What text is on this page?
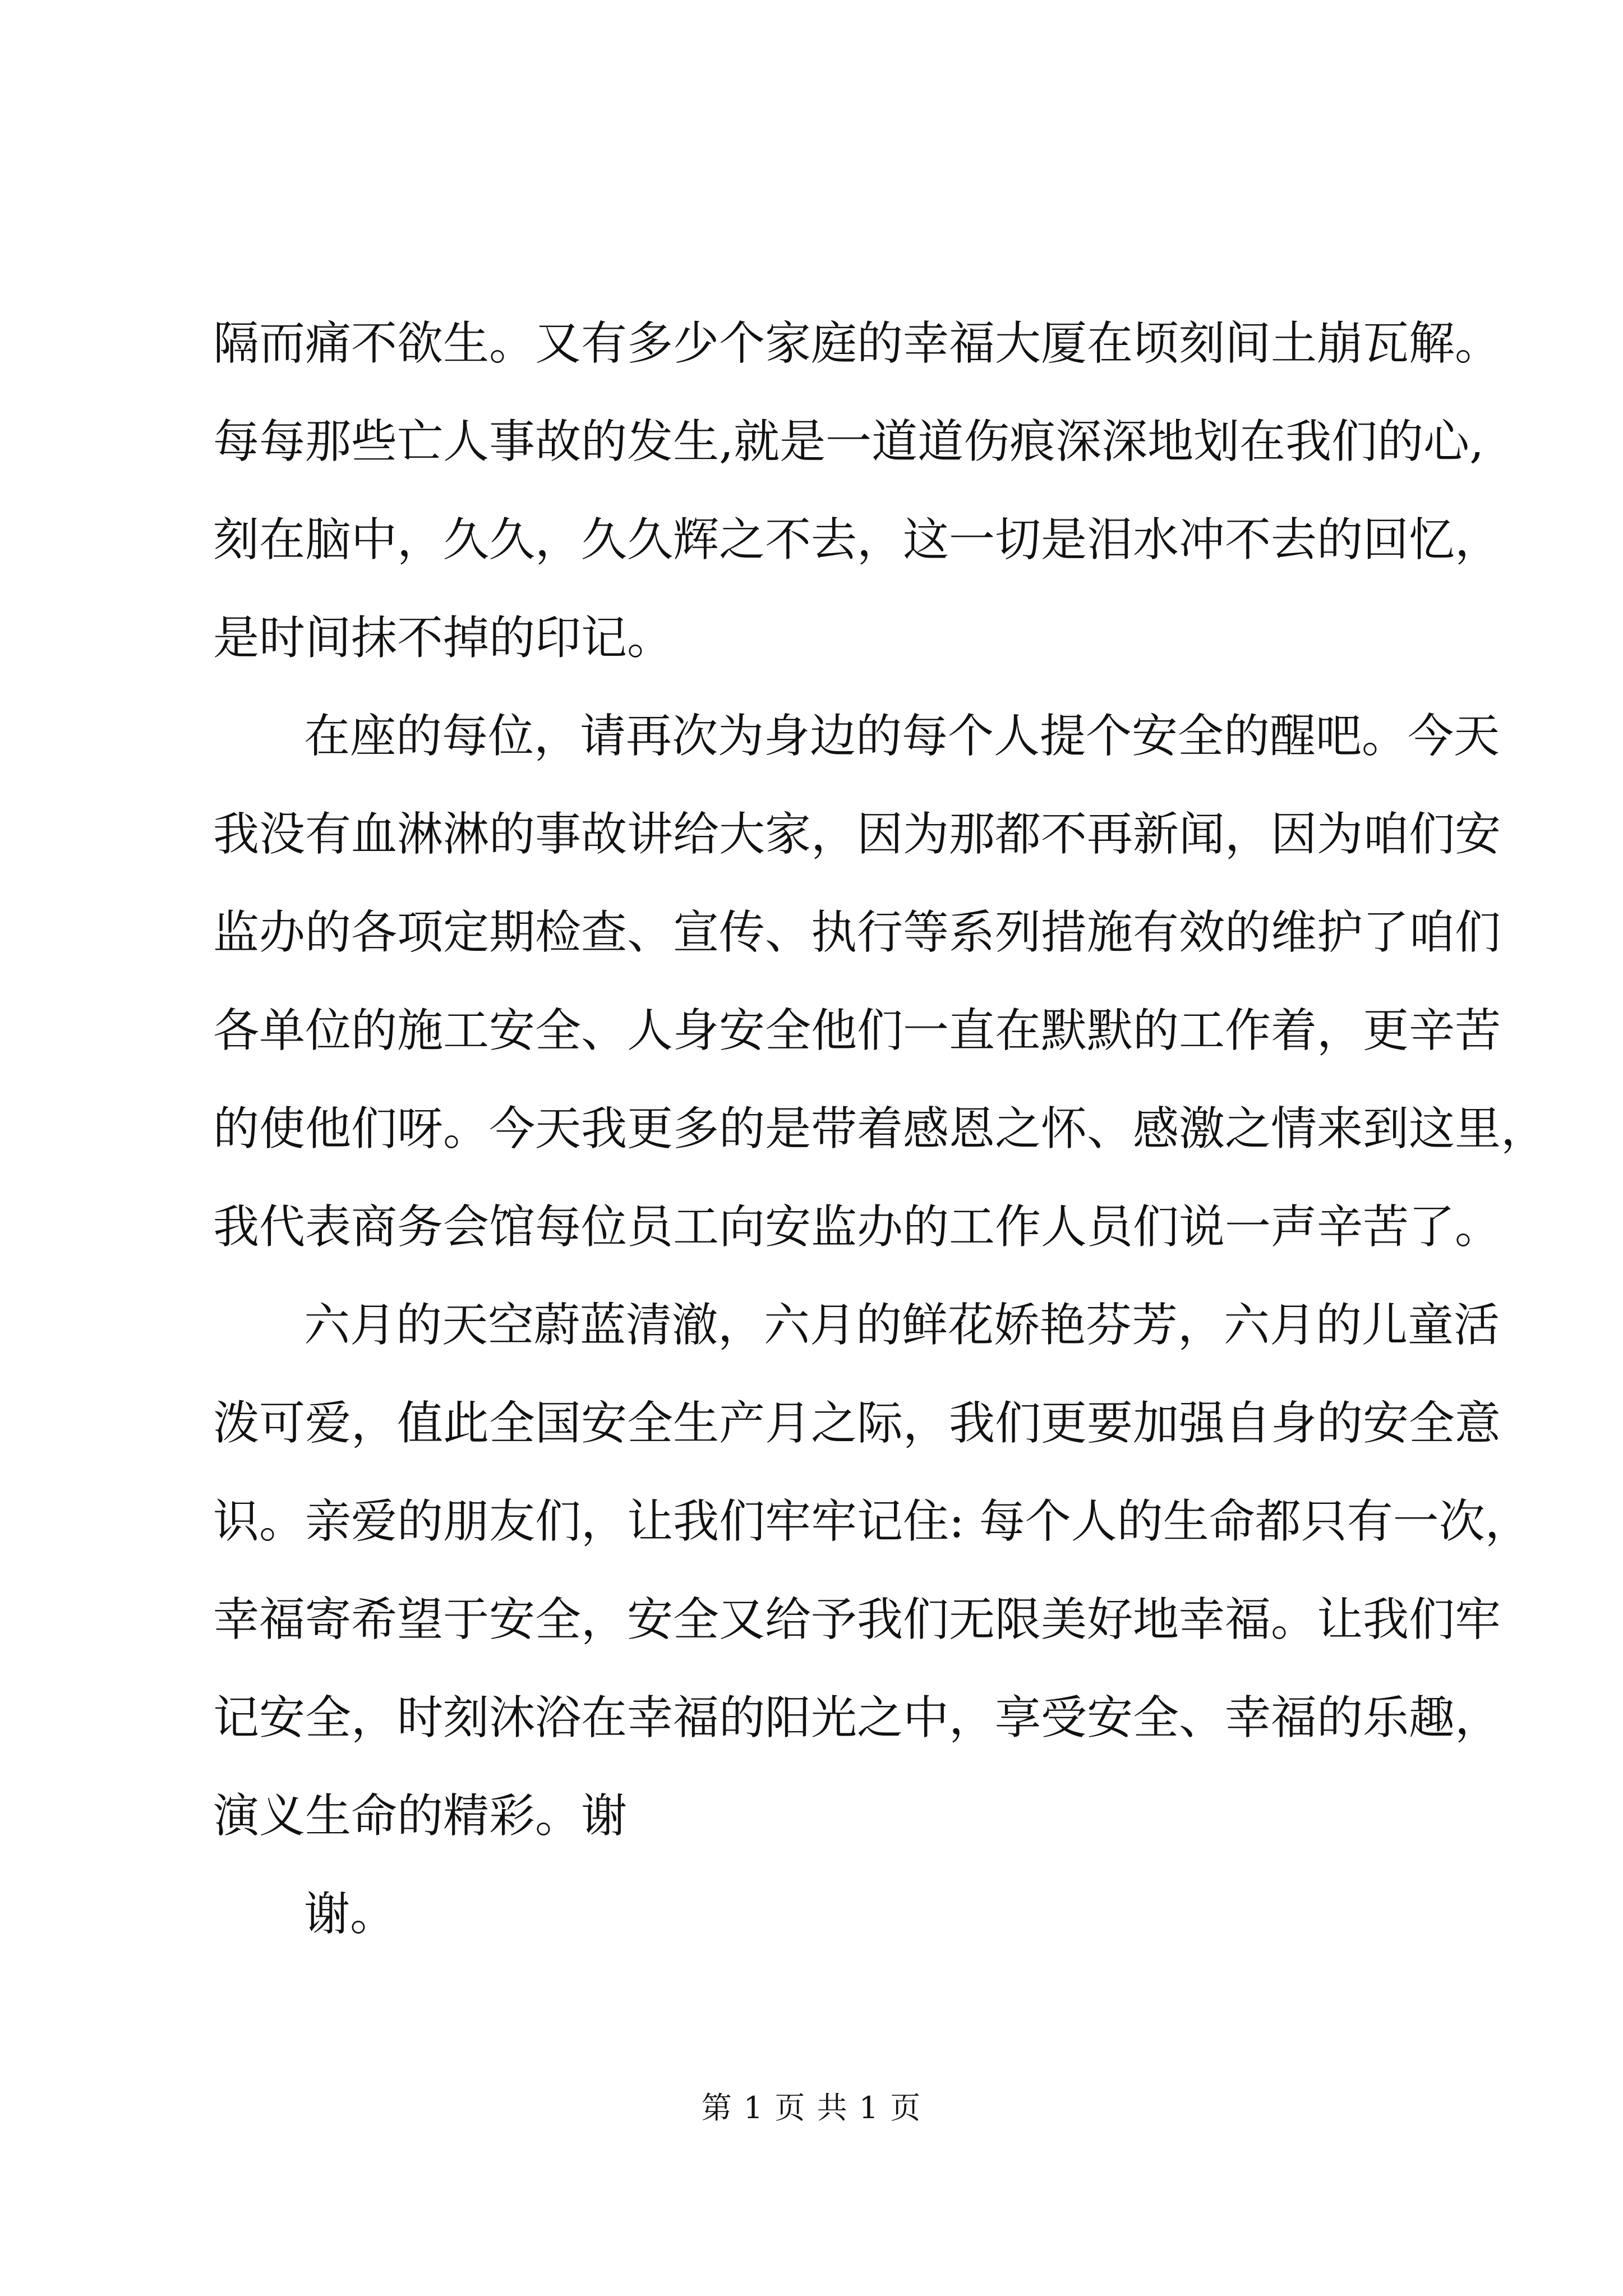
隔而痛不欲生。又有多少个家庭的幸福大厦在顷刻间土崩瓦解。
每每那些亡人事故的发生,就是一道道伤痕深深地划在我们的心,
刻在脑中，久久，久久辉之不去，这一切是泪水冲不去的回忆，
是时间抹不掉的印记。
在座的每位，请再次为身边的每个人提个安全的醒吧。今天
我没有血淋淋的事故讲给大家，因为那都不再新闻，因为咱们安
监办的各项定期检查、宣传、执行等系列措施有效的维护了咱们
各单位的施工安全、人身安全他们一直在默默的工作着，更辛苦
的使他们呀。今天我更多的是带着感恩之怀、感激之情来到这里，
我代表商务会馆每位员工向安监办的工作人员们说一声辛苦了。
六月的天空蔚蓝清澈，六月的鲜花娇艳芬芳，六月的儿童活
泼可爱，值此全国安全生产月之际，我们更要加强自身的安全意
识。亲爱的朋友们，让我们牢牢记住: 每个人的生命都只有一次，
幸福寄希望于安全，安全又给予我们无限美好地幸福。让我们牢
记安全，时刻沐浴在幸福的阳光之中，享受安全、幸福的乐趣，
演义生命的精彩。谢
谢。
第 1 页 共 1 页
